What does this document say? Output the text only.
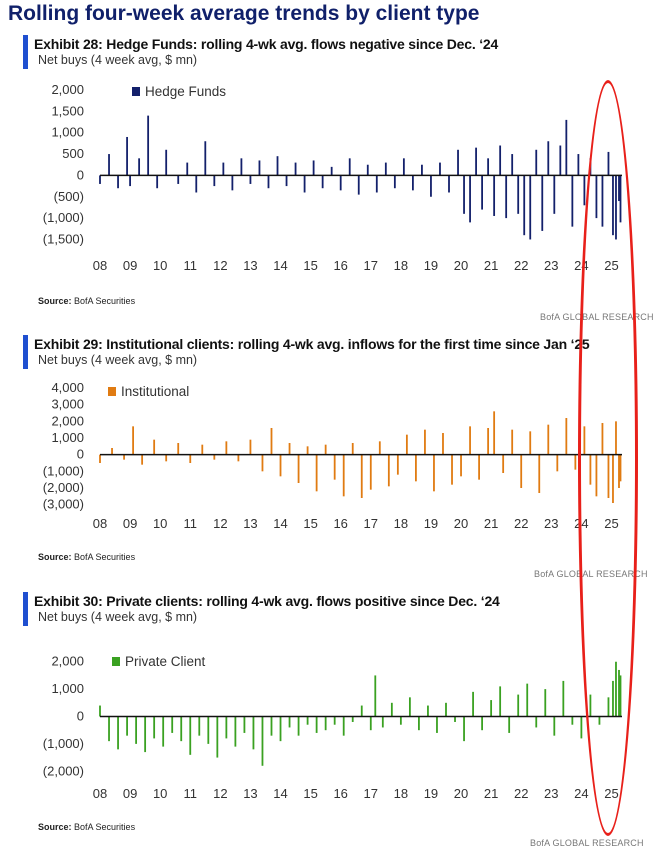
Rolling four-week average trends by client type
Exhibit 28: Hedge Funds: rolling 4-wk avg. flows negative since Dec. ‘24
Net buys (4 week avg, $ mn)
2,000
1,500
1,000
500
0
(500)
(1,000)
(1,500)
08 09 10 11 12 13 14 15 16 17 18 19 20 21 22 23 24 25
Hedge Funds
Source: BofA Securities
BofA GLOBAL RESEARCH
Exhibit 29: Institutional clients: rolling 4-wk avg. inflows for the first time since Jan ‘25
Net buys (4 week avg, $ mn)
4,000
3,000
2,000
1,000
0
(1,000)
(2,000)
(3,000)
08 09 10 11 12 13 14 15 16 17 18 19 20 21 22 23 24 25
Institutional
Source: BofA Securities
BofA GLOBAL RESEARCH
Exhibit 30: Private clients: rolling 4-wk avg. flows positive since Dec. ‘24
Net buys (4 week avg, $ mn)
2,000
1,000
0
(1,000)
(2,000)
08 09 10 11 12 13 14 15 16 17 18 19 20 21 22 23 24 25
Private Client
Source: BofA Securities
BofA GLOBAL RESEARCH
